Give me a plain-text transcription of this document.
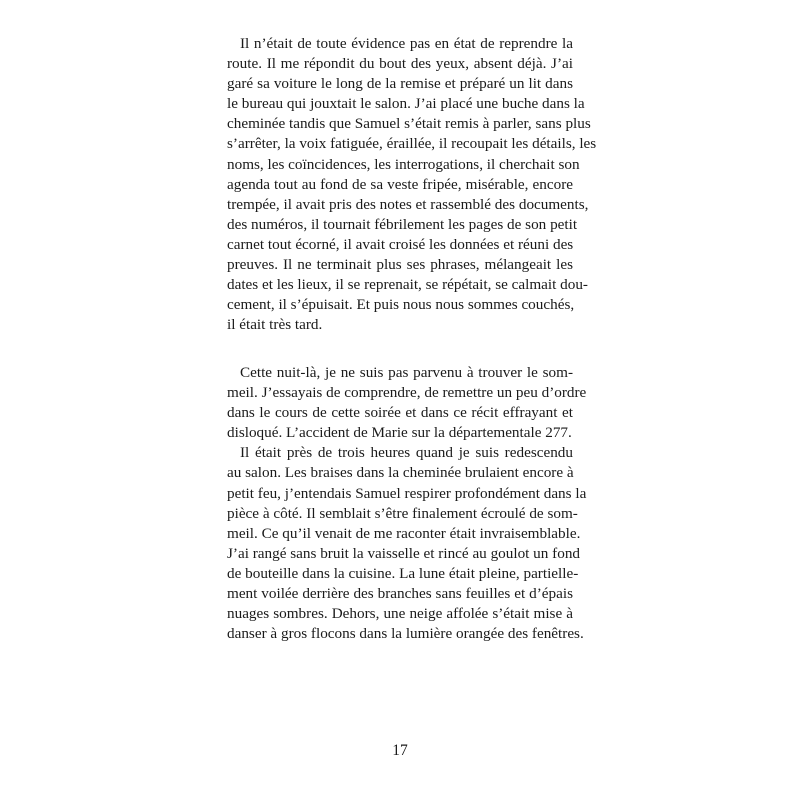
Il n’était de toute évidence pas en état de reprendre la
route. Il me répondit du bout des yeux, absent déjà. J’ai
garé sa voiture le long de la remise et préparé un lit dans
le bureau qui jouxtait le salon. J’ai placé une buche dans la
cheminée tandis que Samuel s’était remis à parler, sans plus
s’arrêter, la voix fatiguée, éraillée, il recoupait les détails, les
noms, les coïncidences, les interrogations, il cherchait son
agenda tout au fond de sa veste fripée, misérable, encore
trempée, il avait pris des notes et rassemblé des documents,
des numéros, il tournait fébrilement les pages de son petit
carnet tout écorné, il avait croisé les données et réuni des
preuves. Il ne terminait plus ses phrases, mélangeait les
dates et les lieux, il se reprenait, se répétait, se calmait dou-
cement, il s’épuisait. Et puis nous nous sommes couchés,
il était très tard.
Cette nuit-là, je ne suis pas parvenu à trouver le som-
meil. J’essayais de comprendre, de remettre un peu d’ordre
dans le cours de cette soirée et dans ce récit effrayant et
disloqué. L’accident de Marie sur la départementale 277.
Il était près de trois heures quand je suis redescendu
au salon. Les braises dans la cheminée brulaient encore à
petit feu, j’entendais Samuel respirer profondément dans la
pièce à côté. Il semblait s’être finalement écroulé de som-
meil. Ce qu’il venait de me raconter était invraisemblable.
J’ai rangé sans bruit la vaisselle et rincé au goulot un fond
de bouteille dans la cuisine. La lune était pleine, partielle-
ment voilée derrière des branches sans feuilles et d’épais
nuages sombres. Dehors, une neige affolée s’était mise à
danser à gros flocons dans la lumière orangée des fenêtres.
17
